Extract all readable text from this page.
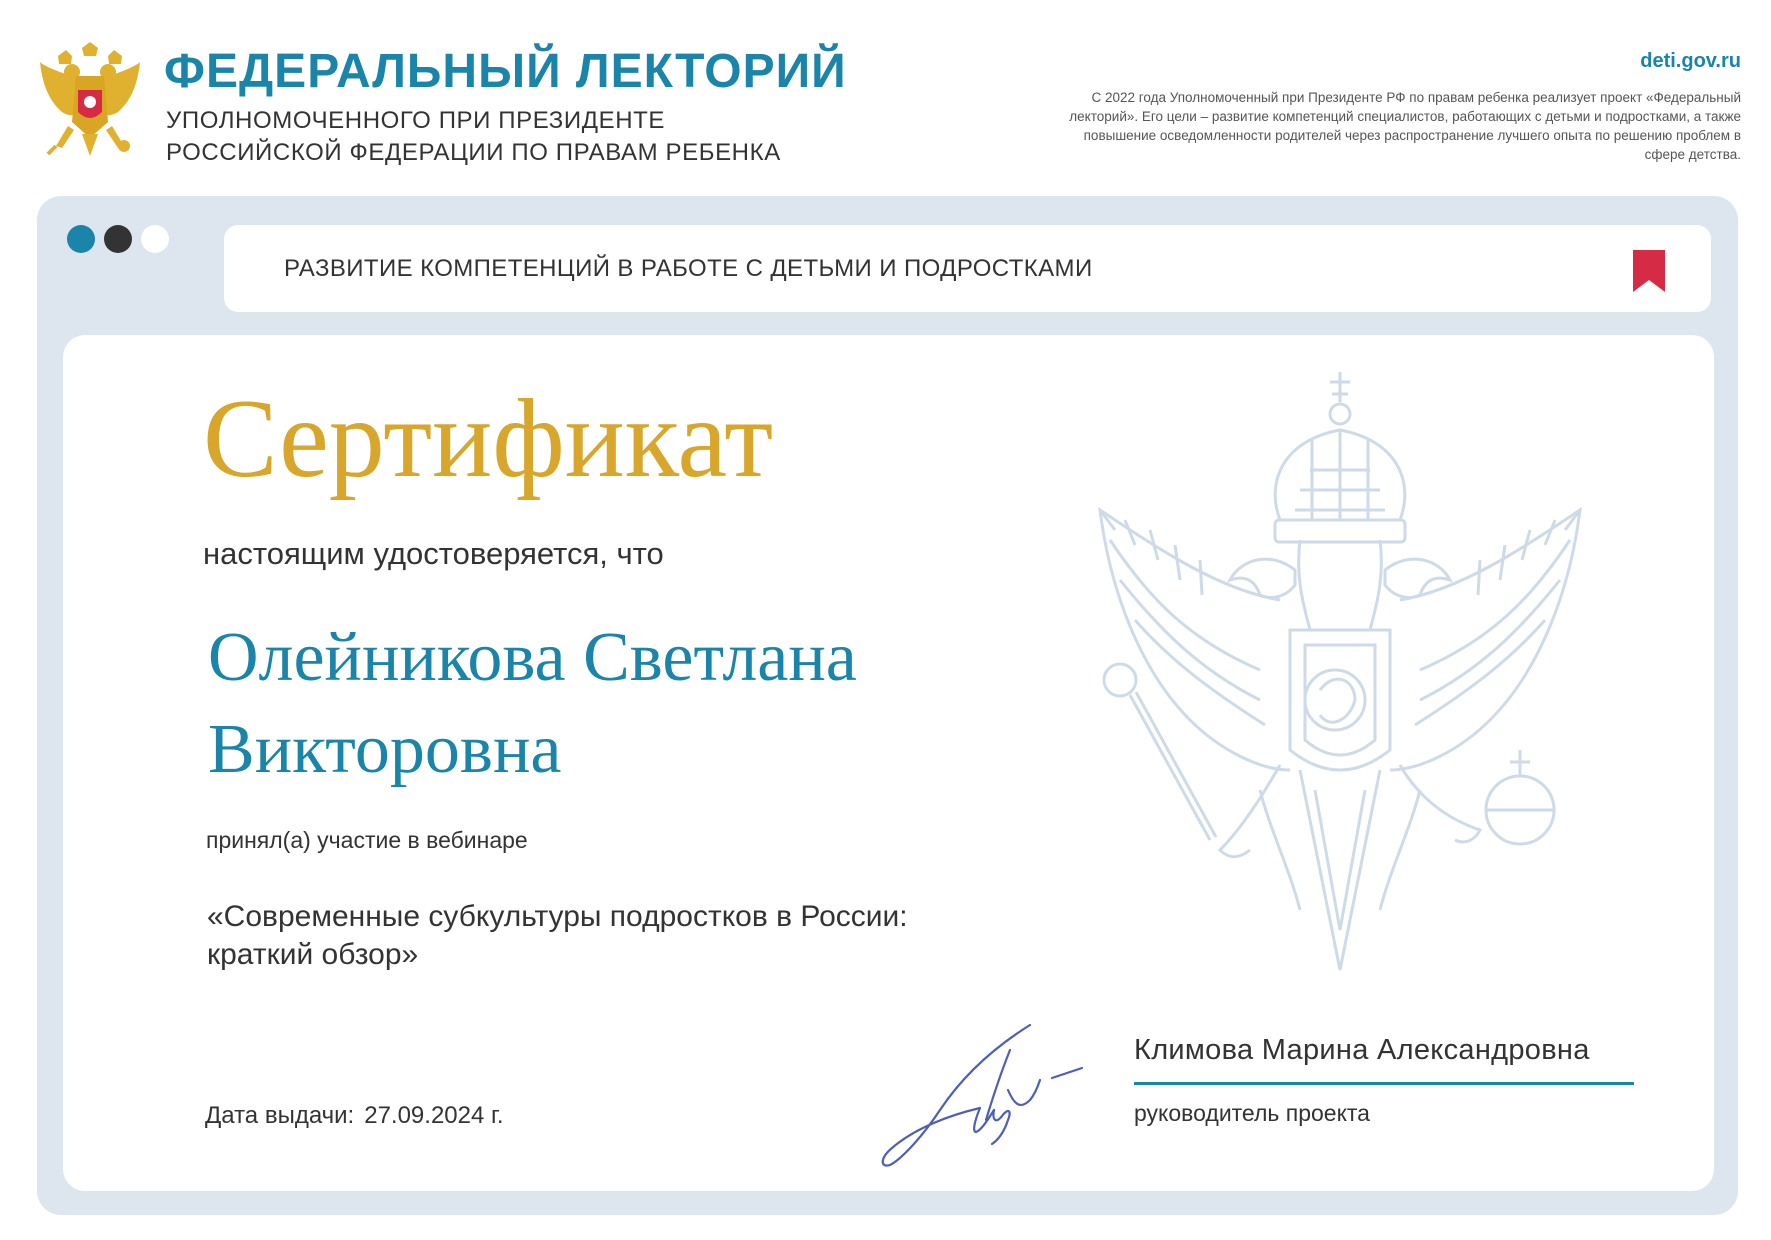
ФЕДЕРАЛЬНЫЙ ЛЕКТОРИЙ
УПОЛНОМОЧЕННОГО ПРИ ПРЕЗИДЕНТЕ
РОССИЙСКОЙ ФЕДЕРАЦИИ ПО ПРАВАМ РЕБЕНКА
deti.gov.ru
С 2022 года Уполномоченный при Президенте РФ по правам ребенка реализует проект «Федеральный лекторий». Его цели – развитие компетенций специалистов, работающих с детьми и подростками, а также повышение осведомленности родителей через распространение лучшего опыта по решению проблем в сфере детства.
РАЗВИТИЕ КОМПЕТЕНЦИЙ В РАБОТЕ С ДЕТЬМИ И ПОДРОСТКАМИ
Сертификат
настоящим удостоверяется, что
Олейникова Светлана
Викторовна
принял(а) участие в вебинаре
«Современные субкультуры подростков в России:
краткий обзор»
Дата выдачи: 27.09.2024 г.
Климова Марина Александровна
руководитель проекта
